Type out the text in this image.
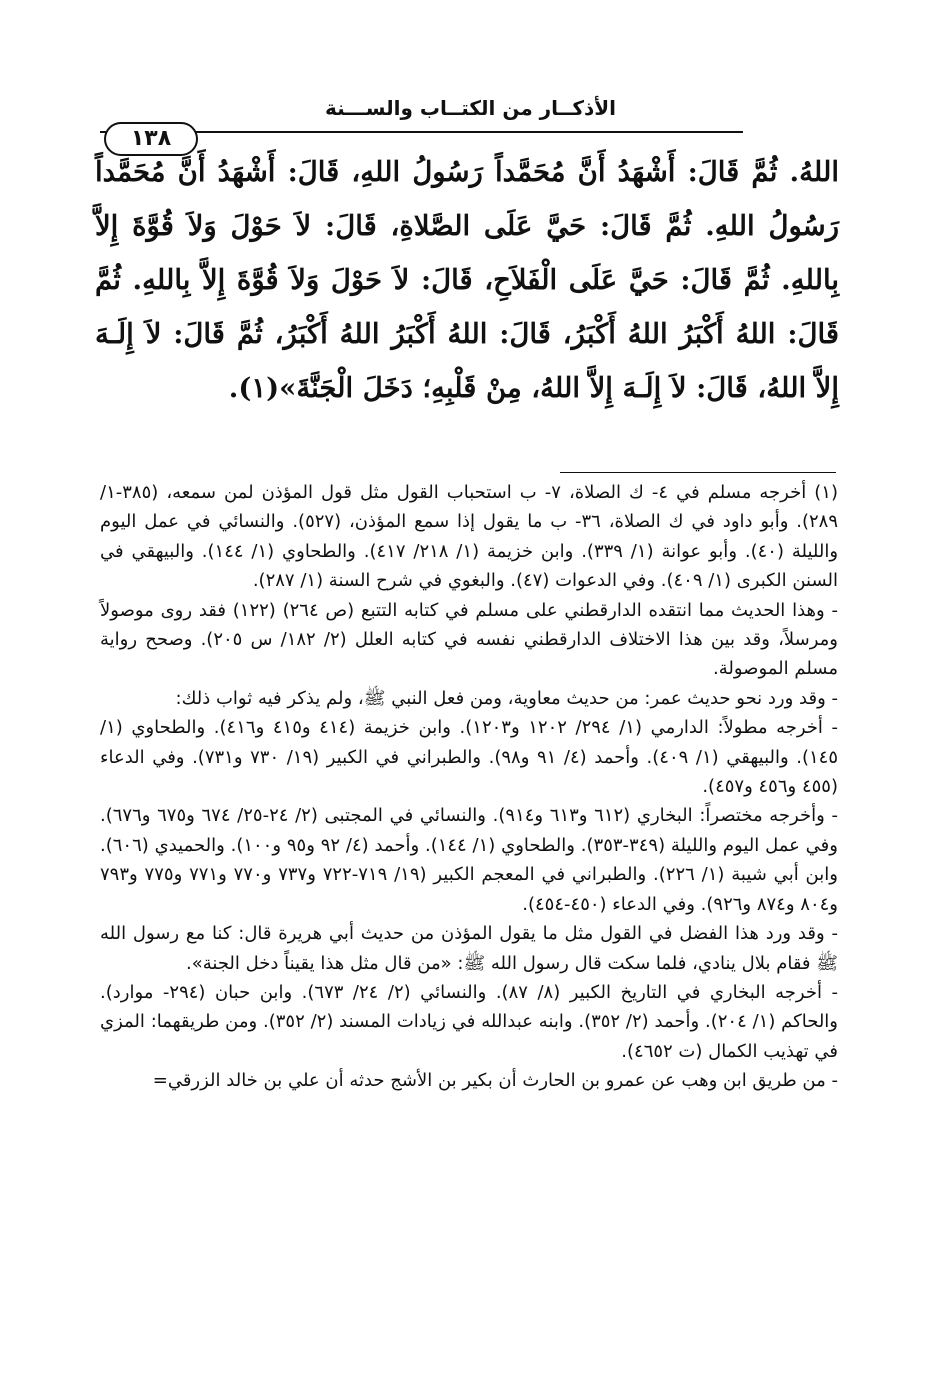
الأذكــار من الكتــاب والســـنة
١٣٨

اللهُ. ثُمَّ قَالَ: أَشْهَدُ أَنَّ مُحَمَّداً رَسُولُ اللهِ، قَالَ: أَشْهَدُ أَنَّ مُحَمَّداً رَسُولُ اللهِ. ثُمَّ قَالَ: حَيَّ عَلَى الصَّلاةِ، قَالَ: لاَ حَوْلَ وَلاَ قُوَّةَ إِلاَّ بِاللهِ. ثُمَّ قَالَ: حَيَّ عَلَى الْفَلاَحِ، قَالَ: لاَ حَوْلَ وَلاَ قُوَّةَ إِلاَّ بِاللهِ. ثُمَّ قَالَ: اللهُ أَكْبَرُ اللهُ أَكْبَرُ، قَالَ: اللهُ أَكْبَرُ اللهُ أَكْبَرُ، ثُمَّ قَالَ: لاَ إِلَـهَ إِلاَّ اللهُ، قَالَ: لاَ إِلَـهَ إِلاَّ اللهُ، مِنْ قَلْبِهِ؛ دَخَلَ الْجَنَّةَ»(١).

(١) أخرجه مسلم في ٤- ك الصلاة، ٧- ب استحباب القول مثل قول المؤذن لمن سمعه، (٣٨٥-١/ ٢٨٩). وأبو داود في ك الصلاة، ٣٦- ب ما يقول إذا سمع المؤذن، (٥٢٧). والنسائي في عمل اليوم والليلة (٤٠). وأبو عوانة (١/ ٣٣٩). وابن خزيمة (١/ ٢١٨/ ٤١٧). والطحاوي (١/ ١٤٤). والبيهقي في السنن الكبرى (١/ ٤٠٩). وفي الدعوات (٤٧). والبغوي في شرح السنة (١/ ٢٨٧).

- وهذا الحديث مما انتقده الدارقطني على مسلم في كتابه التتبع (ص ٢٦٤) (١٢٢) فقد روى موصولاً ومرسلاً، وقد بين هذا الاختلاف الدارقطني نفسه في كتابه العلل (٢/ ١٨٢/ س ٢٠٥). وصحح رواية مسلم الموصولة.

- وقد ورد نحو حديث عمر: من حديث معاوية، ومن فعل النبي ﷺ، ولم يذكر فيه ثواب ذلك:

- أخرجه مطولاً: الدارمي (١/ ٢٩٤/ ١٢٠٢ و١٢٠٣). وابن خزيمة (٤١٤ و٤١٥ و٤١٦). والطحاوي (١/ ١٤٥). والبيهقي (١/ ٤٠٩). وأحمد (٤/ ٩١ و٩٨). والطبراني في الكبير (١٩/ ٧٣٠ و٧٣١). وفي الدعاء (٤٥٥ و٤٥٦ و٤٥٧).

- وأخرجه مختصراً: البخاري (٦١٢ و٦١٣ و٩١٤). والنسائي في المجتبى (٢/ ٢٤-٢٥/ ٦٧٤ و٦٧٥ و٦٧٦). وفي عمل اليوم والليلة (٣٤٩-٣٥٣). والطحاوي (١/ ١٤٤). وأحمد (٤/ ٩٢ و٩٥ و١٠٠). والحميدي (٦٠٦). وابن أبي شيبة (١/ ٢٢٦). والطبراني في المعجم الكبير (١٩/ ٧١٩-٧٢٢ و٧٣٧ و٧٧٠ و٧٧١ و٧٧٥ و٧٩٣ و٨٠٤ و٨٧٤ و٩٢٦). وفي الدعاء (٤٥٠-٤٥٤).

- وقد ورد هذا الفضل في القول مثل ما يقول المؤذن من حديث أبي هريرة قال: كنا مع رسول الله ﷺ فقام بلال ينادي، فلما سكت قال رسول الله ﷺ: «من قال مثل هذا يقيناً دخل الجنة».

- أخرجه البخاري في التاريخ الكبير (٨/ ٨٧). والنسائي (٢/ ٢٤/ ٦٧٣). وابن حبان (٢٩٤- موارد). والحاكم (١/ ٢٠٤). وأحمد (٢/ ٣٥٢). وابنه عبدالله في زيادات المسند (٢/ ٣٥٢). ومن طريقهما: المزي في تهذيب الكمال (ت ٤٦٥٢).

- من طريق ابن وهب عن عمرو بن الحارث أن بكير بن الأشج حدثه أن علي بن خالد الزرقي=
